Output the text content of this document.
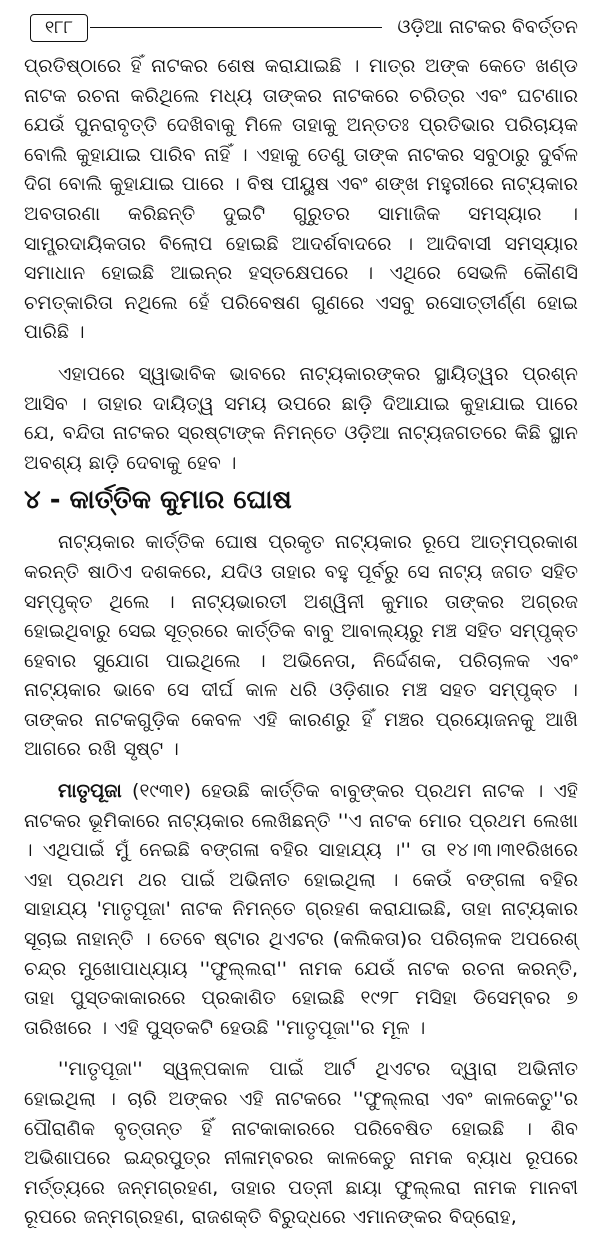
୧୮୮	ଓଡ଼ିଆ ନାଟକର ବିବର୍ତ୍ତନ

ପ୍ରତିଷ୍ଠାରେ ହିଁ ନାଟକର ଶେଷ କରାଯାଇଛି । ମାତ୍ର ଅଙ୍କ କେତେ ଖଣ୍ଡ ନାଟକ ରଚନା କରିଥିଲେ ମଧ୍ୟ ତାଙ୍କର ନାଟକରେ ଚରିତ୍ର ଏବଂ ଘଟଣାର ଯେଉଁ ପୁନରାବୃତ୍ତି ଦେଖିବାକୁ ମିଳେ ତାହାକୁ ଅନ୍ତତଃ ପ୍ରତିଭାର ପରିଚାୟକ ବୋଲି କୁହାଯାଇ ପାରିବ ନାହିଁ । ଏହାକୁ ତେଣୁ ତାଙ୍କ ନାଟକର ସବୁଠାରୁ ଦୁର୍ବଳ ଦିଗ ବୋଲି କୁହାଯାଇ ପାରେ । ବିଷ ପୀୟୁଷ ଏବଂ ଶଙ୍ଖ ମହୁରୀରେ ନାଟ୍ୟକାର ଅବତାରଣା କରିଛନ୍ତି ଦୁଇଟି ଗୁରୁତର ସାମାଜିକ ସମସ୍ୟାର । ସାମ୍ପ୍ରଦାୟିକତାର ବିଲୋପ ହୋଇଛି ଆଦର୍ଶବାଦରେ । ଆଦିବାସୀ ସମସ୍ୟାର ସମାଧାନ ହୋଇଛି ଆଇନ୍‌ର ହସ୍ତକ୍ଷେପରେ । ଏଥିରେ ସେଭଳି କୌଣସି ଚମତ୍କାରିତା ନଥିଲେ ହେଁ ପରିବେଷଣ ଗୁଣରେ ଏସବୁ ରସୋତ୍ତୀର୍ଣ୍ଣ ହୋଇ ପାରିଛି ।

ଏହାପରେ ସ୍ୱାଭାବିକ ଭାବରେ ନାଟ୍ୟକାରଙ୍କର ସ୍ଥାୟିତ୍ୱର ପ୍ରଶ୍ନ ଆସିବ । ତାହାର ଦାୟିତ୍ୱ ସମୟ ଉପରେ ଛାଡ଼ି ଦିଆଯାଇ କୁହାଯାଇ ପାରେ ଯେ, ବନ୍ଦିତା ନାଟକର ସ୍ରଷ୍ଟାଙ୍କ ନିମନ୍ତେ ଓଡ଼ିଆ ନାଟ୍ୟଜଗତରେ କିଛି ସ୍ଥାନ ଅବଶ୍ୟ ଛାଡ଼ି ଦେବାକୁ ହେବ ।

୪ - କାର୍ତ୍ତିକ କୁମାର ଘୋଷ

ନାଟ୍ୟକାର କାର୍ତ୍ତିକ ଘୋଷ ପ୍ରକୃତ ନାଟ୍ୟକାର ରୂପେ ଆତ୍ମପ୍ରକାଶ କରନ୍ତି ଷାଠିଏ ଦଶକରେ, ଯଦିଓ ତାହାର ବହୁ ପୂର୍ବରୁ ସେ ନାଟ୍ୟ ଜଗତ ସହିତ ସମ୍ପୃକ୍ତ ଥିଲେ । ନାଟ୍ୟଭାରତୀ ଅଶ୍ୱିନୀ କୁମାର ତାଙ୍କର ଅଗ୍ରଜ ହୋଇଥିବାରୁ ସେଇ ସୂତ୍ରରେ କାର୍ତ୍ତିକ ବାବୁ ଆବାଲ୍ୟରୁ ମଞ୍ଚ ସହିତ ସମ୍ପୃକ୍ତ ହେବାର ସୁଯୋଗ ପାଇଥିଲେ । ଅଭିନେତା, ନିର୍ଦ୍ଦେଶକ, ପରିଚାଳକ ଏବଂ ନାଟ୍ୟକାର ଭାବେ ସେ ଦୀର୍ଘ କାଳ ଧରି ଓଡ଼ିଶାର ମଞ୍ଚ ସହତ ସମ୍ପୃକ୍ତ । ତାଙ୍କର ନାଟକଗୁଡ଼ିକ କେବଳ ଏହି କାରଣରୁ ହିଁ ମଞ୍ଚର ପ୍ରୟୋଜନକୁ ଆଖି ଆଗରେ ରଖି ସୃଷ୍ଟ ।

ମାତୃପୂଜା (୧୯୩୧) ହେଉଛି କାର୍ତ୍ତିକ ବାବୁଙ୍କର ପ୍ରଥମ ନାଟକ । ଏହି ନାଟକର ଭୂମିକାରେ ନାଟ୍ୟକାର ଲେଖିଛନ୍ତି ''ଏ ନାଟକ ମୋର ପ୍ରଥମ ଲେଖା । ଏଥିପାଇଁ ମୁଁ ନେଇଛି ବଙ୍ଗଳା ବହିର ସାହାଯ୍ୟ ।'' ତା ୧୪।୩।୩୧ରିଖରେ ଏହା ପ୍ରଥମ ଥର ପାଇଁ ଅଭିନୀତ ହୋଇଥିଲା । କେଉଁ ବଙ୍ଗଳା ବହିର ସାହାଯ୍ୟ 'ମାତୃପୂଜା' ନାଟକ ନିମନ୍ତେ ଗ୍ରହଣ କରାଯାଇଛି, ତାହା ନାଟ୍ୟକାର ସୂଚାଇ ନାହାନ୍ତି । ତେବେ ଷ୍ଟାର ଥିଏଟର (କଲିକତା)ର ପରିଚାଳକ ଅପରେଶ୍ ଚନ୍ଦ୍ର ମୁଖୋପାଧ୍ୟାୟ ''ଫୁଲ୍ଲରା'' ନାମକ ଯେଉଁ ନାଟକ ରଚନା କରନ୍ତି, ତାହା ପୁସ୍ତକାକାରରେ ପ୍ରକାଶିତ ହୋଇଛି ୧୯୨୮ ମସିହା ଡିସେମ୍ବର ୭ ତାରିଖରେ । ଏହି ପୁସ୍ତକଟି ହେଉଛି ''ମାତୃପୂଜା''ର ମୂଳ ।

''ମାତୃପୂଜା'' ସ୍ୱଳ୍ପକାଳ ପାଇଁ ଆର୍ଟ ଥିଏଟର ଦ୍ୱାରା ଅଭିନୀତ ହୋଇଥିଲା । ଚାରି ଅଙ୍କର ଏହି ନାଟକରେ ''ଫୁଲ୍ଲରା ଏବଂ କାଳକେତୁ''ର ପୌରାଣିକ ବୃତ୍ତାନ୍ତ ହିଁ ନାଟକାକାରରେ ପରିବେଷିତ ହୋଇଛି । ଶିବ ଅଭିଶାପରେ ଇନ୍ଦ୍ରପୁତ୍ର ନୀଳାମ୍ବରର କାଳକେତୁ ନାମକ ବ୍ୟାଧ ରୂପରେ ମର୍ତ୍ତ୍ୟରେ ଜନ୍ମଗ୍ରହଣ, ତାହାର ପତ୍ନୀ ଛାୟା ଫୁଲ୍ଲରା ନାମକ ମାନବୀ ରୂପରେ ଜନ୍ମଗ୍ରହଣ, ରାଜଶକ୍ତି ବିରୁଦ୍ଧରେ ଏମାନଙ୍କର ବିଦ୍ରୋହ,
